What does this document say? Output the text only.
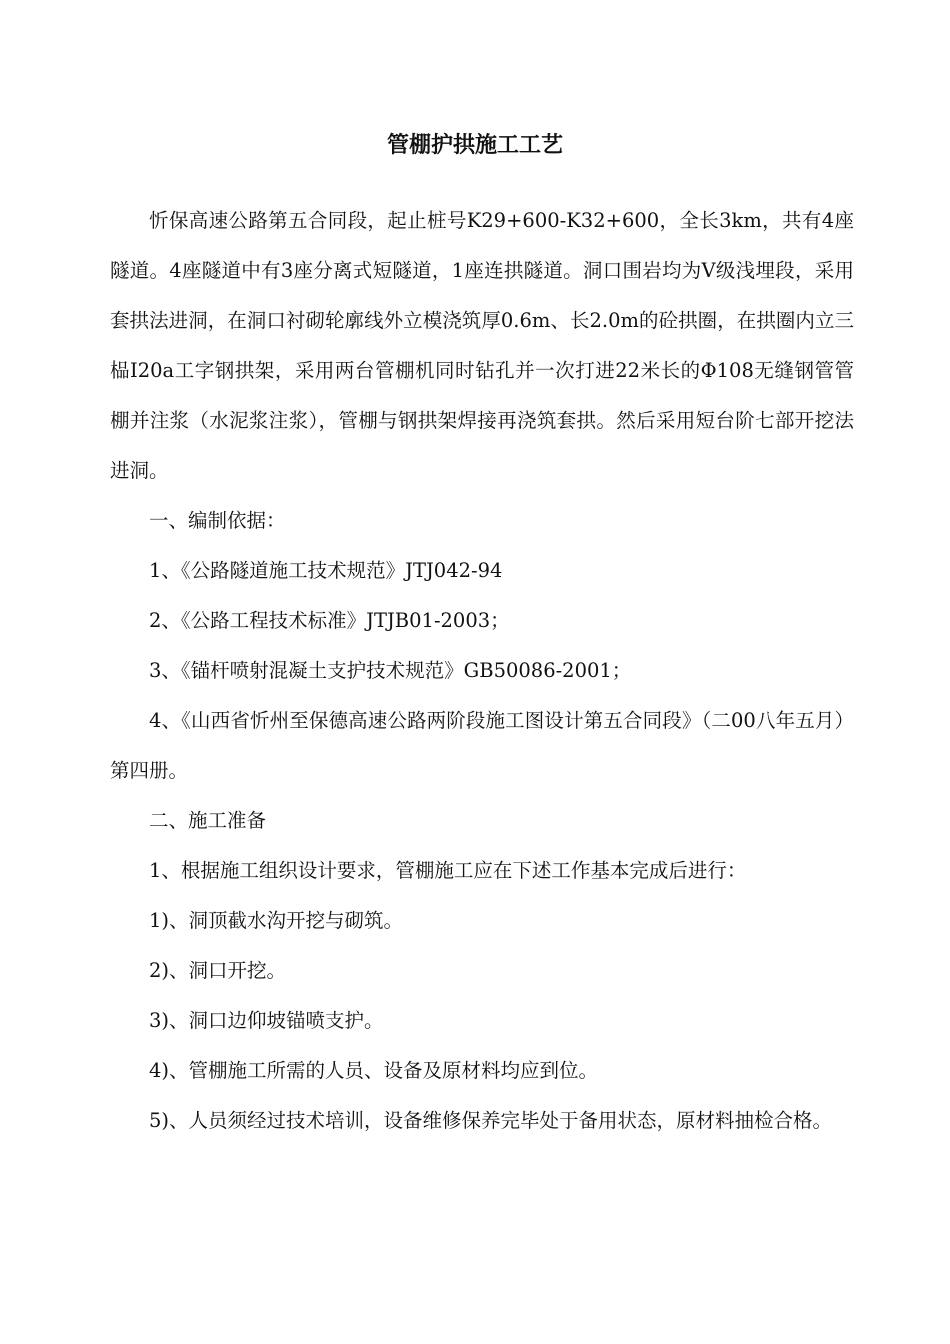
管棚护拱施工工艺

忻保高速公路第五合同段，起止桩号K29+600-K32+600，全长3km，共有4座隧道。4座隧道中有3座分离式短隧道，1座连拱隧道。洞口围岩均为V级浅埋段，采用套拱法进洞，在洞口衬砌轮廓线外立模浇筑厚0.6m、长2.0m的砼拱圈，在拱圈内立三榀I20a工字钢拱架，采用两台管棚机同时钻孔并一次打进22米长的Φ108无缝钢管管棚并注浆（水泥浆注浆），管棚与钢拱架焊接再浇筑套拱。然后采用短台阶七部开挖法进洞。

一、编制依据：

1、《公路隧道施工技术规范》JTJ042-94

2、《公路工程技术标准》JTJB01-2003；

3、《锚杆喷射混凝土支护技术规范》GB50086-2001；

4、《山西省忻州至保德高速公路两阶段施工图设计第五合同段》（二00八年五月）第四册。

二、施工准备

1、根据施工组织设计要求，管棚施工应在下述工作基本完成后进行：

1)、洞顶截水沟开挖与砌筑。

2)、洞口开挖。

3)、洞口边仰坡锚喷支护。

4)、管棚施工所需的人员、设备及原材料均应到位。

5)、人员须经过技术培训，设备维修保养完毕处于备用状态，原材料抽检合格。
